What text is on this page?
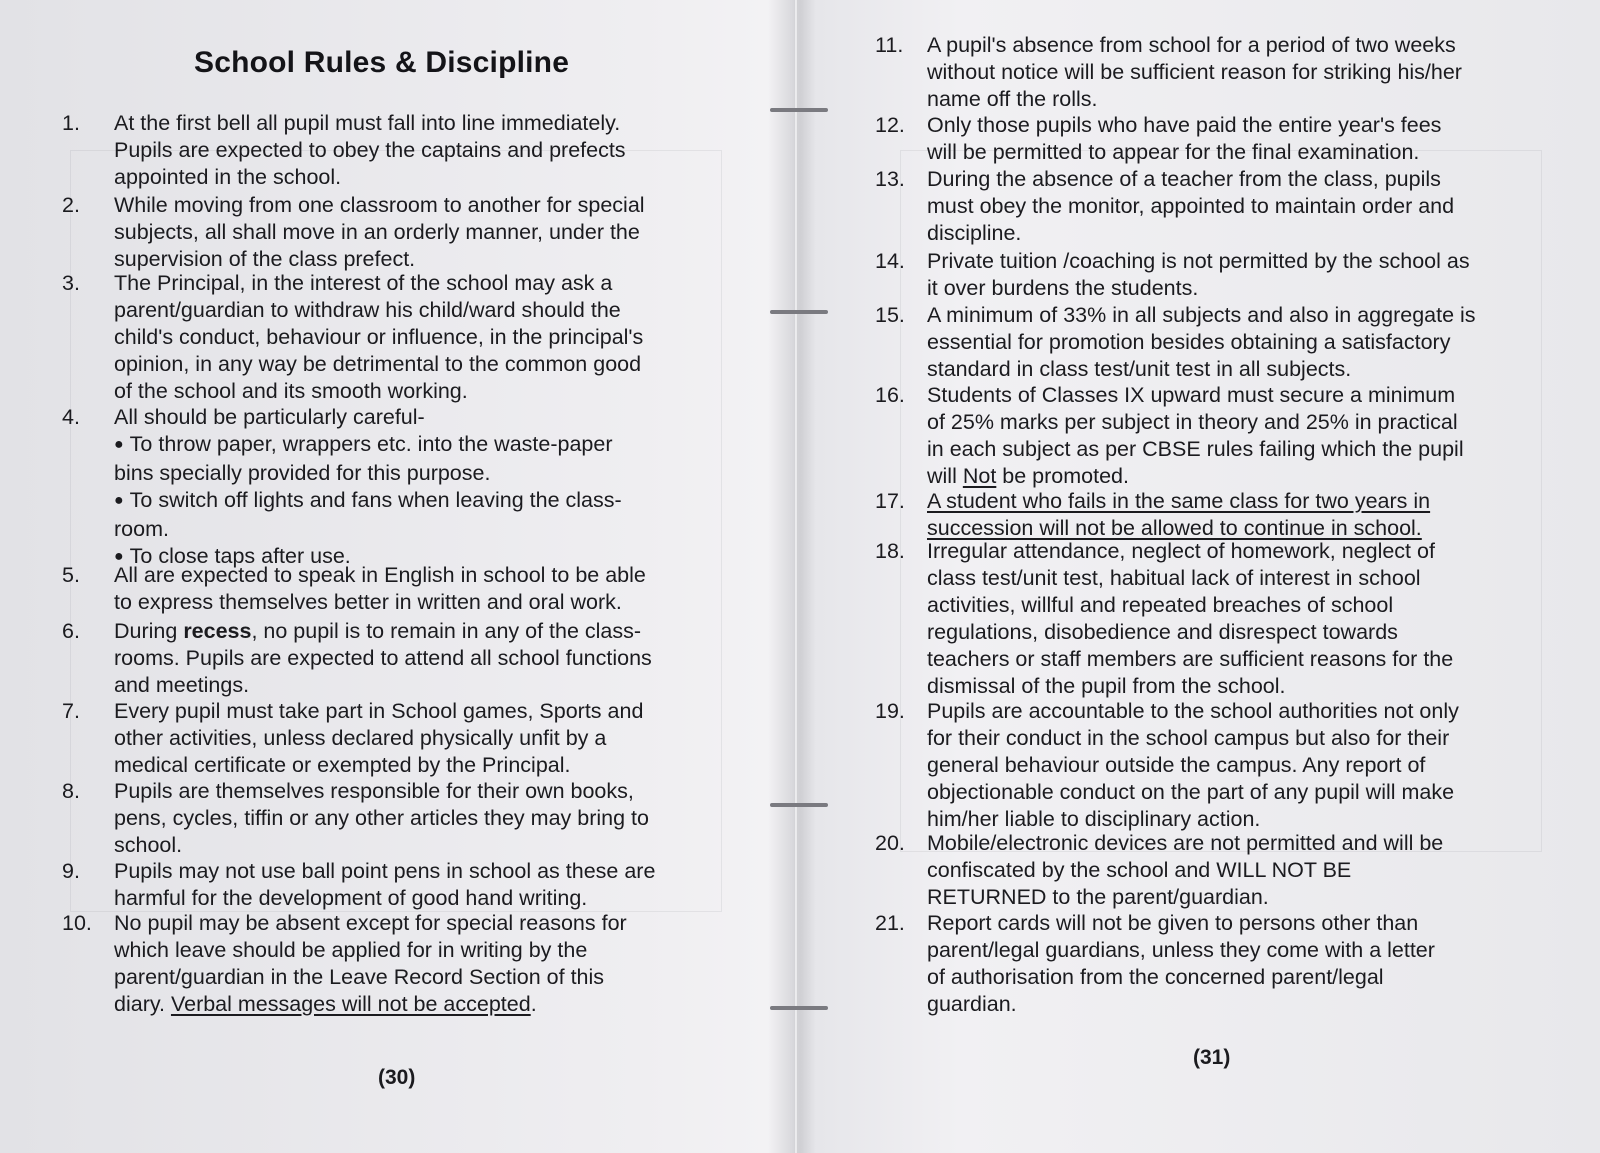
School Rules & Discipline
(30)
(31)
1.	At the first bell all pupil must fall into line immediately.
Pupils are expected to obey the captains and prefects
appointed in the school.
2.	While moving from one classroom to another for special
subjects, all shall move in an orderly manner, under the
supervision of the class prefect.
3.	The Principal, in the interest of the school may ask a
parent/guardian to withdraw his child/ward should the
child's conduct, behaviour or influence, in the principal's
opinion, in any way be detrimental to the common good
of the school and its smooth working.
4.	All should be particularly careful-
● To throw paper, wrappers etc. into the waste-paper
bins specially provided for this purpose.
● To switch off lights and fans when leaving the class-
room.
● To close taps after use.
5.	All are expected to speak in English in school to be able
to express themselves better in written and oral work.
6.	During recess, no pupil is to remain in any of the class-
rooms. Pupils are expected to attend all school functions
and meetings.
7.	Every pupil must take part in School games, Sports and
other activities, unless declared physically unfit by a
medical certificate or exempted by the Principal.
8.	Pupils are themselves responsible for their own books,
pens, cycles, tiffin or any other articles they may bring to
school.
9.	Pupils may not use ball point pens in school as these are
harmful for the development of good hand writing.
10.	No pupil may be absent except for special reasons for
which leave should be applied for in writing by the
parent/guardian in the Leave Record Section of this
diary. Verbal messages will not be accepted.
11.	A pupil's absence from school for a period of two weeks
without notice will be sufficient reason for striking his/her
name off the rolls.
12.	Only those pupils who have paid the entire year's fees
will be permitted to appear for the final examination.
13.	During the absence of a teacher from the class, pupils
must obey the monitor, appointed to maintain order and
discipline.
14.	Private tuition /coaching is not permitted by the school as
it over burdens the students.
15.	A minimum of 33% in all subjects and also in aggregate is
essential for promotion besides obtaining a satisfactory
standard in class test/unit test in all subjects.
16.	Students of Classes IX upward must secure a minimum
of 25% marks per subject in theory and 25% in practical
in each subject as per CBSE rules failing which the pupil
will Not be promoted.
17.	A student who fails in the same class for two years in
succession will not be allowed to continue in school.
18.	Irregular attendance, neglect of homework, neglect of
class test/unit test, habitual lack of interest in school
activities, willful and repeated breaches of school
regulations, disobedience and disrespect towards
teachers or staff members are sufficient reasons for the
dismissal of the pupil from the school.
19.	Pupils are accountable to the school authorities not only
for their conduct in the school campus but also for their
general behaviour outside the campus. Any report of
objectionable conduct on the part of any pupil will make
him/her liable to disciplinary action.
20.	Mobile/electronic devices are not permitted and will be
confiscated by the school and WILL NOT BE
RETURNED to the parent/guardian.
21.	Report cards will not be given to persons other than
parent/legal guardians, unless they come with a letter
of authorisation from the concerned parent/legal
guardian.
